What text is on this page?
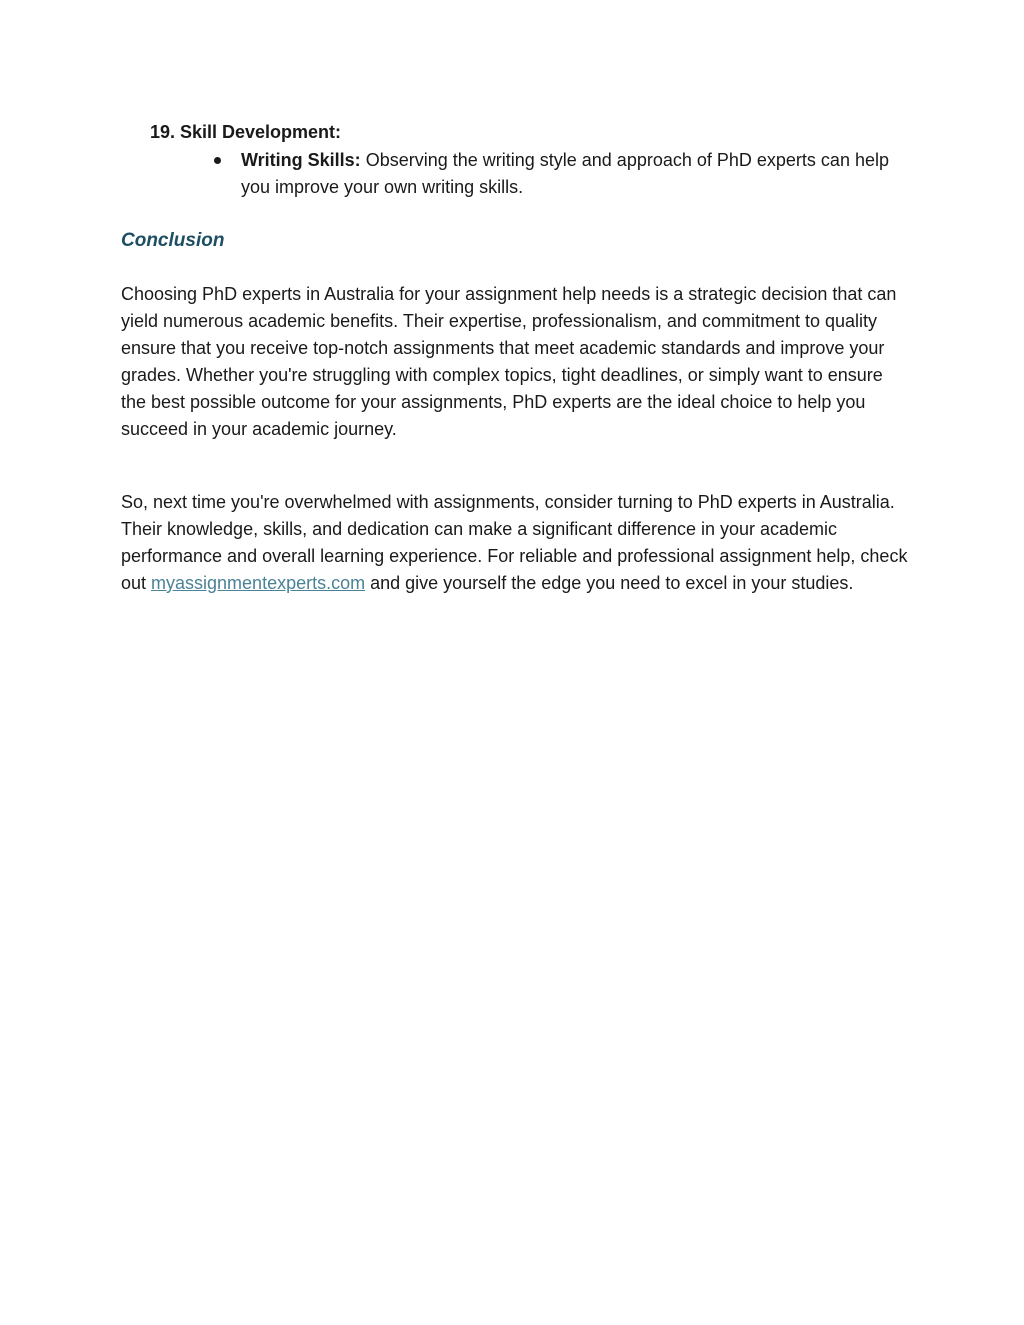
19. Skill Development:
Writing Skills: Observing the writing style and approach of PhD experts can help you improve your own writing skills.
Conclusion

Choosing PhD experts in Australia for your assignment help needs is a strategic decision that can yield numerous academic benefits. Their expertise, professionalism, and commitment to quality ensure that you receive top-notch assignments that meet academic standards and improve your grades. Whether you're struggling with complex topics, tight deadlines, or simply want to ensure the best possible outcome for your assignments, PhD experts are the ideal choice to help you succeed in your academic journey.

So, next time you're overwhelmed with assignments, consider turning to PhD experts in Australia. Their knowledge, skills, and dedication can make a significant difference in your academic performance and overall learning experience. For reliable and professional assignment help, check out myassignmentexperts.com and give yourself the edge you need to excel in your studies.
